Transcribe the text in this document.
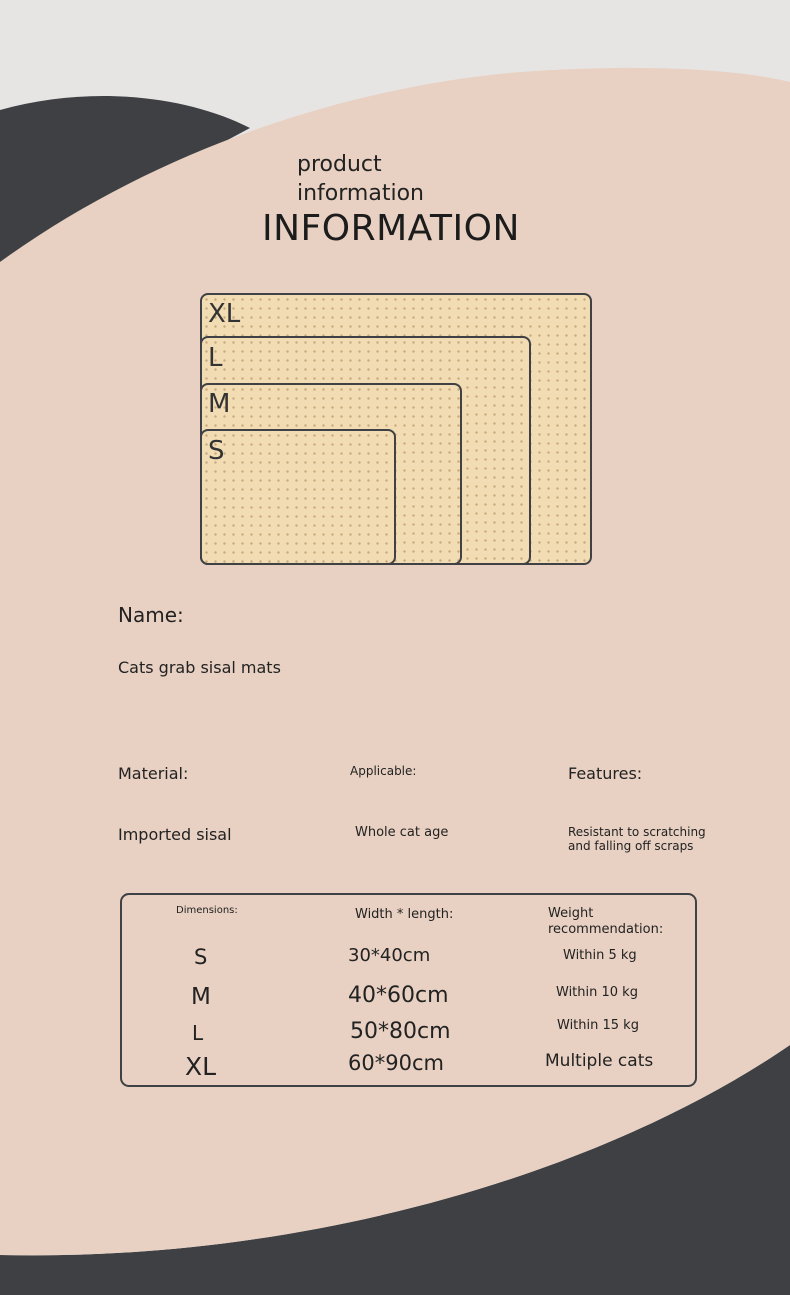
product
information
INFORMATION
XL
L
M
S
Name:
Cats grab sisal mats
Material:
Imported sisal
Applicable:
Whole cat age
Features:
Resistant to scratching
and falling off scraps
Dimensions:	Width * length:	Weight
recommendation:
S	30*40cm	Within 5 kg
M	40*60cm	Within 10 kg
L	50*80cm	Within 15 kg
XL	60*90cm	Multiple cats
